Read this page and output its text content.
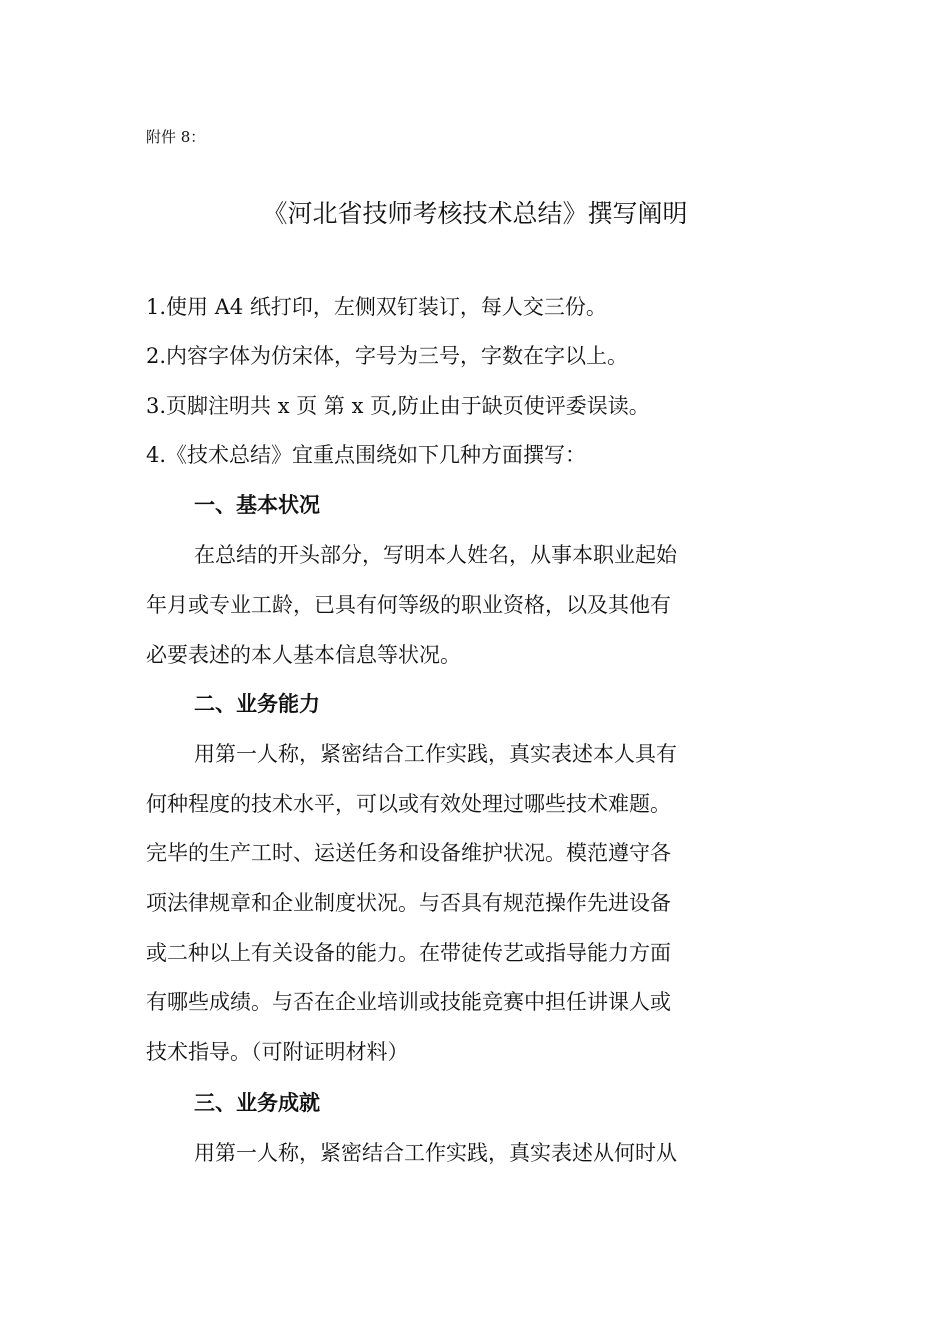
附件 8：
《河北省技师考核技术总结》撰写阐明
1.使用 A4 纸打印，左侧双钉装订，每人交三份。
2.内容字体为仿宋体，字号为三号，字数在字以上。
3.页脚注明共 x 页 第 x 页,防止由于缺页使评委误读。
4.《技术总结》宜重点围绕如下几种方面撰写：
一、基本状况
在总结的开头部分，写明本人姓名，从事本职业起始
年月或专业工龄，已具有何等级的职业资格，以及其他有
必要表述的本人基本信息等状况。
二、业务能力
用第一人称，紧密结合工作实践，真实表述本人具有
何种程度的技术水平，可以或有效处理过哪些技术难题。
完毕的生产工时、运送任务和设备维护状况。模范遵守各
项法律规章和企业制度状况。与否具有规范操作先进设备
或二种以上有关设备的能力。在带徒传艺或指导能力方面
有哪些成绩。与否在企业培训或技能竞赛中担任讲课人或
技术指导。（可附证明材料）
三、业务成就
用第一人称，紧密结合工作实践，真实表述从何时从
